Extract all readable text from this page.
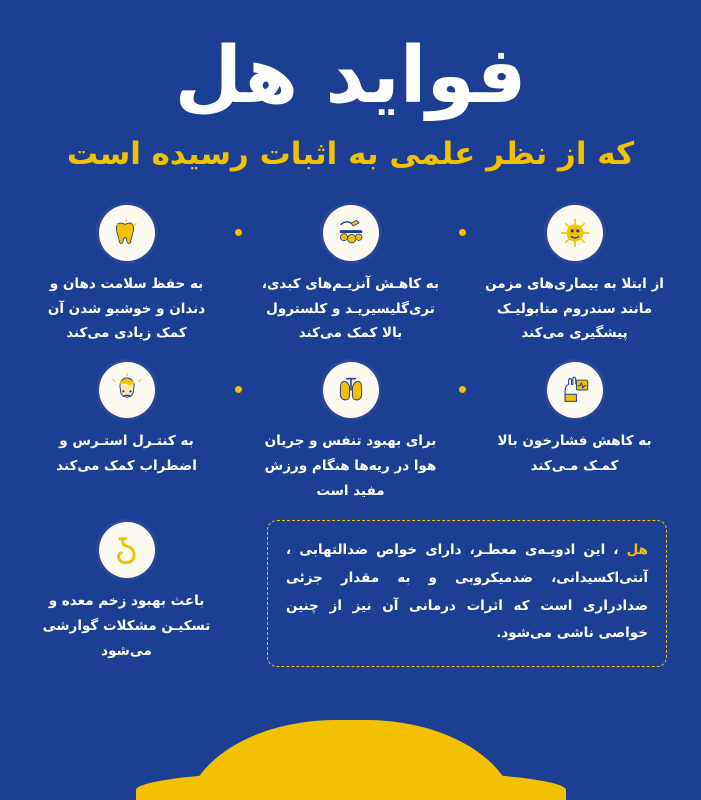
فواید هل
که از نظر علمی به اثبات رسیده است
به حفظ سلامت دهان و دندان و خوشبو شدن آن کمک زیادی می‌کند
به کاهـش آنزیـم‌های کبدی، تری‌گلیسیریـد و کلسترول بالا کمک می‌کند
از ابتلا به بیماری‌های مزمن مانند سندروم متابولیـک پیشگیری می‌کند
به کنتـرل استـرس و اضطراب کمک می‌کند
برای بهبود تنفس و جریان هوا در ریه‌ها هنگام ورزش مفید است
به کاهش فشارخون بالا کمـک مـی‌کند
باعث بهبود زخم معده و تسکیـن مشکلات گوارشی می‌شود
هل ، این ادویـه‌ی معطـر، دارای خواص ضدالتهابی ، آنتی‌اکسیدانی، ضدمیکروبی و به مقدار جزئی ضدادراری است که اثرات درمانی آن نیز از چنین خواصی ناشی می‌شود.
